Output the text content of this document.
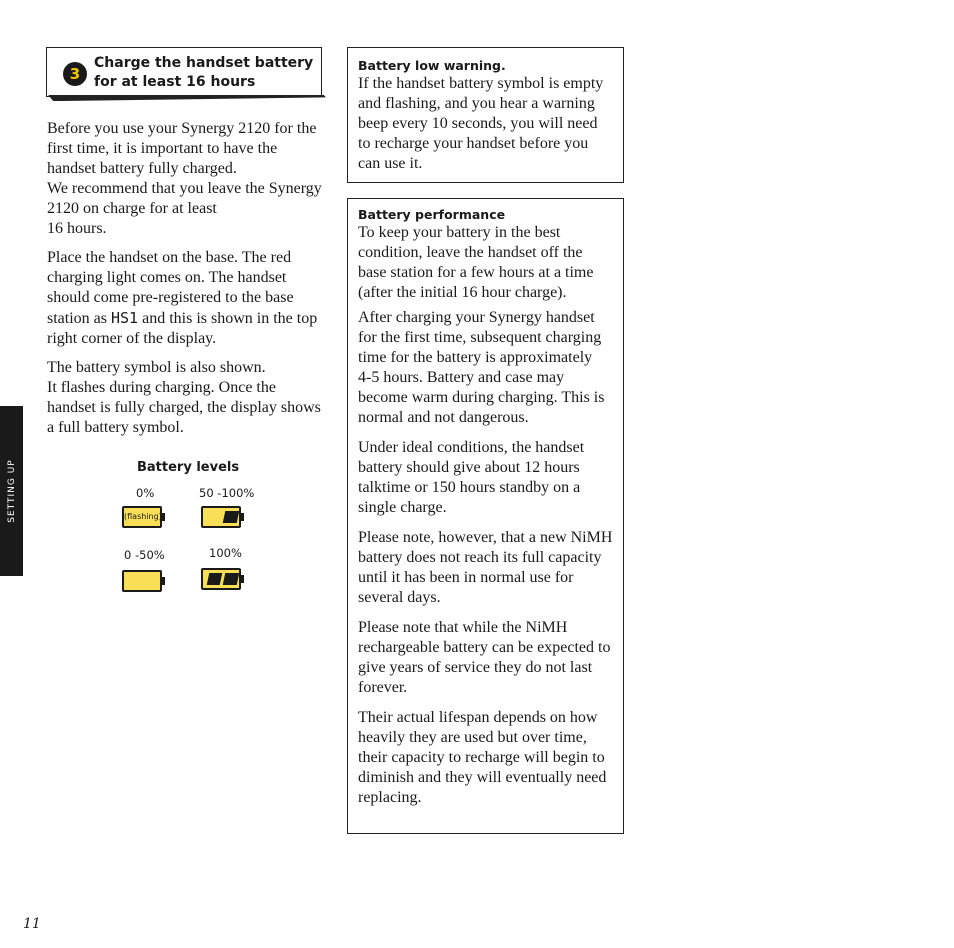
3
Charge the handset battery for at least 16 hours

Before you use your Synergy 2120 for the first time, it is important to have the handset battery fully charged.
We recommend that you leave the Synergy 2120 on charge for at least
16 hours.

Place the handset on the base. The red charging light comes on. The handset should come pre-registered to the base station as HS1 and this is shown in the top right corner of the display.

The battery symbol is also shown.
It flashes during charging. Once the handset is fully charged, the display shows a full battery symbol.

Battery levels
0%
(flashing)
50 -100%
0 -50%	100%

Battery low warning.

If the handset battery symbol is empty and flashing, and you hear a warning beep every 10 seconds, you will need to recharge your handset before you can use it.

Battery performance

To keep your battery in the best condition, leave the handset off the base station for a few hours at a time (after the initial 16 hour charge).

After charging your Synergy handset for the first time, subsequent charging time for the battery is approximately
4-5 hours. Battery and case may become warm during charging. This is normal and not dangerous.

Under ideal conditions, the handset battery should give about 12 hours talktime or 150 hours standby on a single charge.

Please note, however, that a new NiMH battery does not reach its full capacity until it has been in normal use for several days.

Please note that while the NiMH rechargeable battery can be expected to give years of service they do not last forever.

Their actual lifespan depends on how heavily they are used but over time, their capacity to recharge will begin to diminish and they will eventually need replacing.

SETTING UP
11
